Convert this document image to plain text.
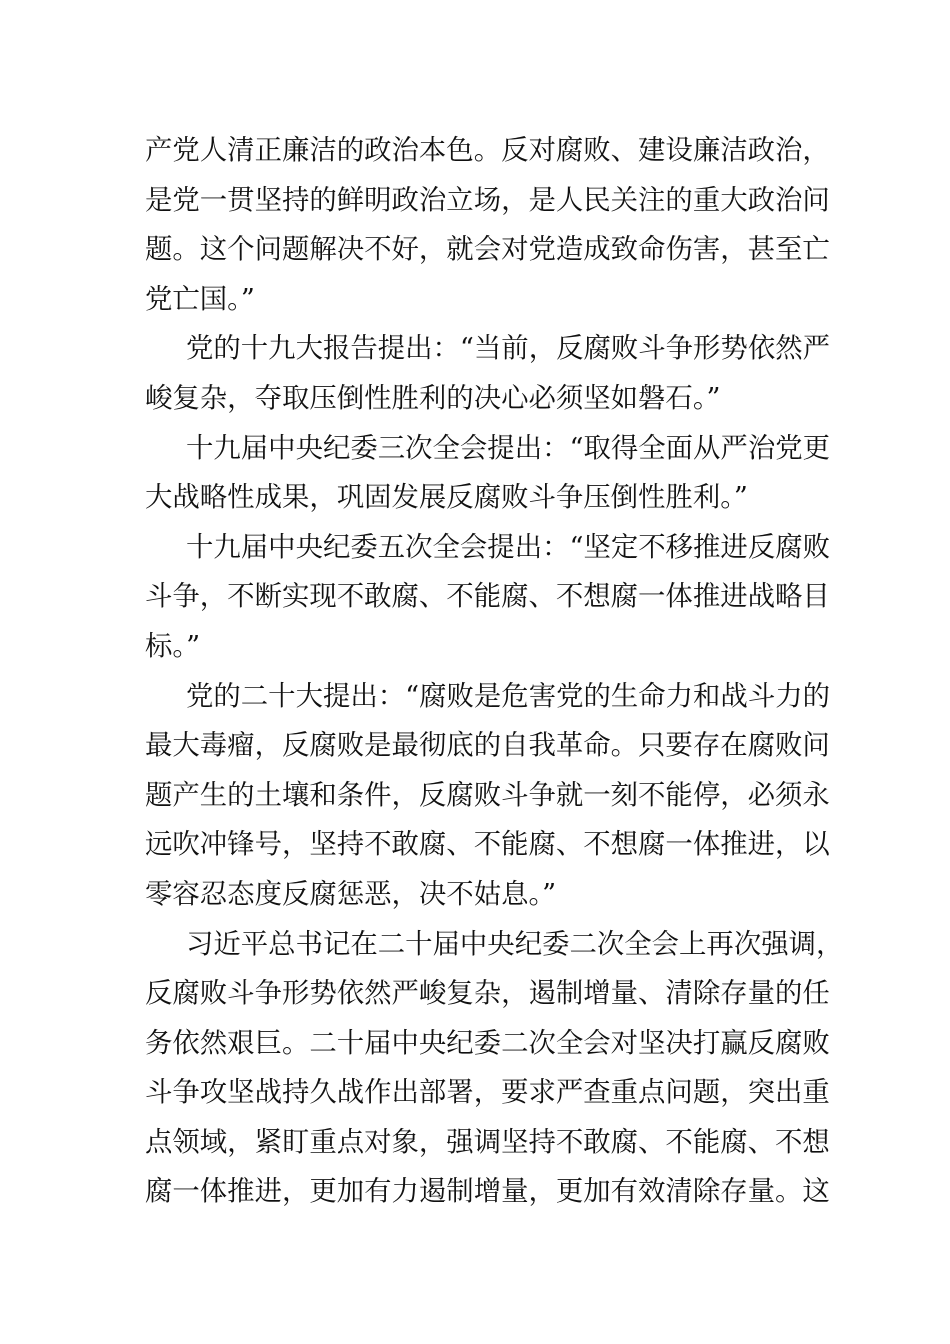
产党人清正廉洁的政治本色。反对腐败、建设廉洁政治，
是党一贯坚持的鲜明政治立场，是人民关注的重大政治问
题。这个问题解决不好，就会对党造成致命伤害，甚至亡
党亡国。”
党的十九大报告提出：“当前，反腐败斗争形势依然严
峻复杂，夺取压倒性胜利的决心必须坚如磐石。”
十九届中央纪委三次全会提出：“取得全面从严治党更
大战略性成果，巩固发展反腐败斗争压倒性胜利。”
十九届中央纪委五次全会提出：“坚定不移推进反腐败
斗争，不断实现不敢腐、不能腐、不想腐一体推进战略目
标。”
党的二十大提出：“腐败是危害党的生命力和战斗力的
最大毒瘤，反腐败是最彻底的自我革命。只要存在腐败问
题产生的土壤和条件，反腐败斗争就一刻不能停，必须永
远吹冲锋号，坚持不敢腐、不能腐、不想腐一体推进，以
零容忍态度反腐惩恶，决不姑息。”
习近平总书记在二十届中央纪委二次全会上再次强调，
反腐败斗争形势依然严峻复杂，遏制增量、清除存量的任
务依然艰巨。二十届中央纪委二次全会对坚决打赢反腐败
斗争攻坚战持久战作出部署，要求严查重点问题，突出重
点领域，紧盯重点对象，强调坚持不敢腐、不能腐、不想
腐一体推进，更加有力遏制增量，更加有效清除存量。这
